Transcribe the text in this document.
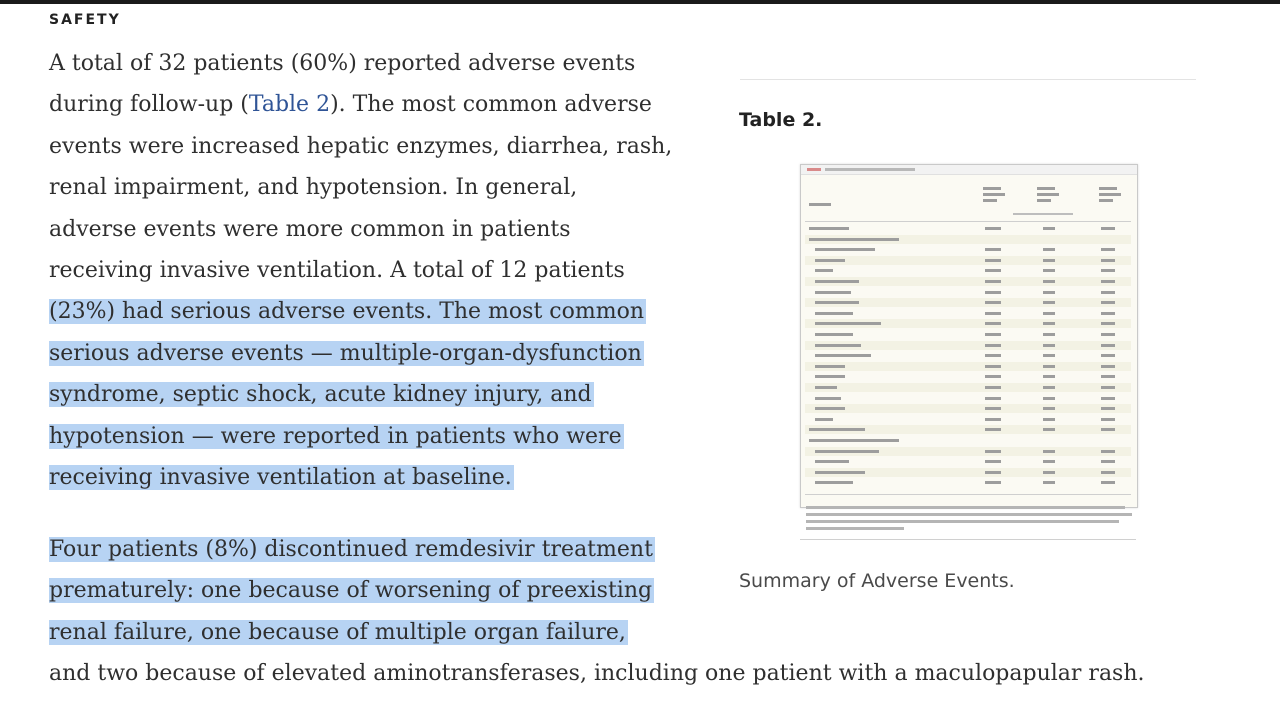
SAFETY
A total of 32 patients (60%) reported adverse events
during follow-up (Table 2). The most common adverse
events were increased hepatic enzymes, diarrhea, rash,
renal impairment, and hypotension. In general,
adverse events were more common in patients
receiving invasive ventilation. A total of 12 patients
(23%) had serious adverse events. The most common
serious adverse events — multiple-organ-dysfunction
syndrome, septic shock, acute kidney injury, and
hypotension — were reported in patients who were
receiving invasive ventilation at baseline.
Four patients (8%) discontinued remdesivir treatment
prematurely: one because of worsening of preexisting
renal failure, one because of multiple organ failure,
and two because of elevated aminotransferases, including one patient with a maculopapular rash.
Table 2.
Summary of Adverse Events.
